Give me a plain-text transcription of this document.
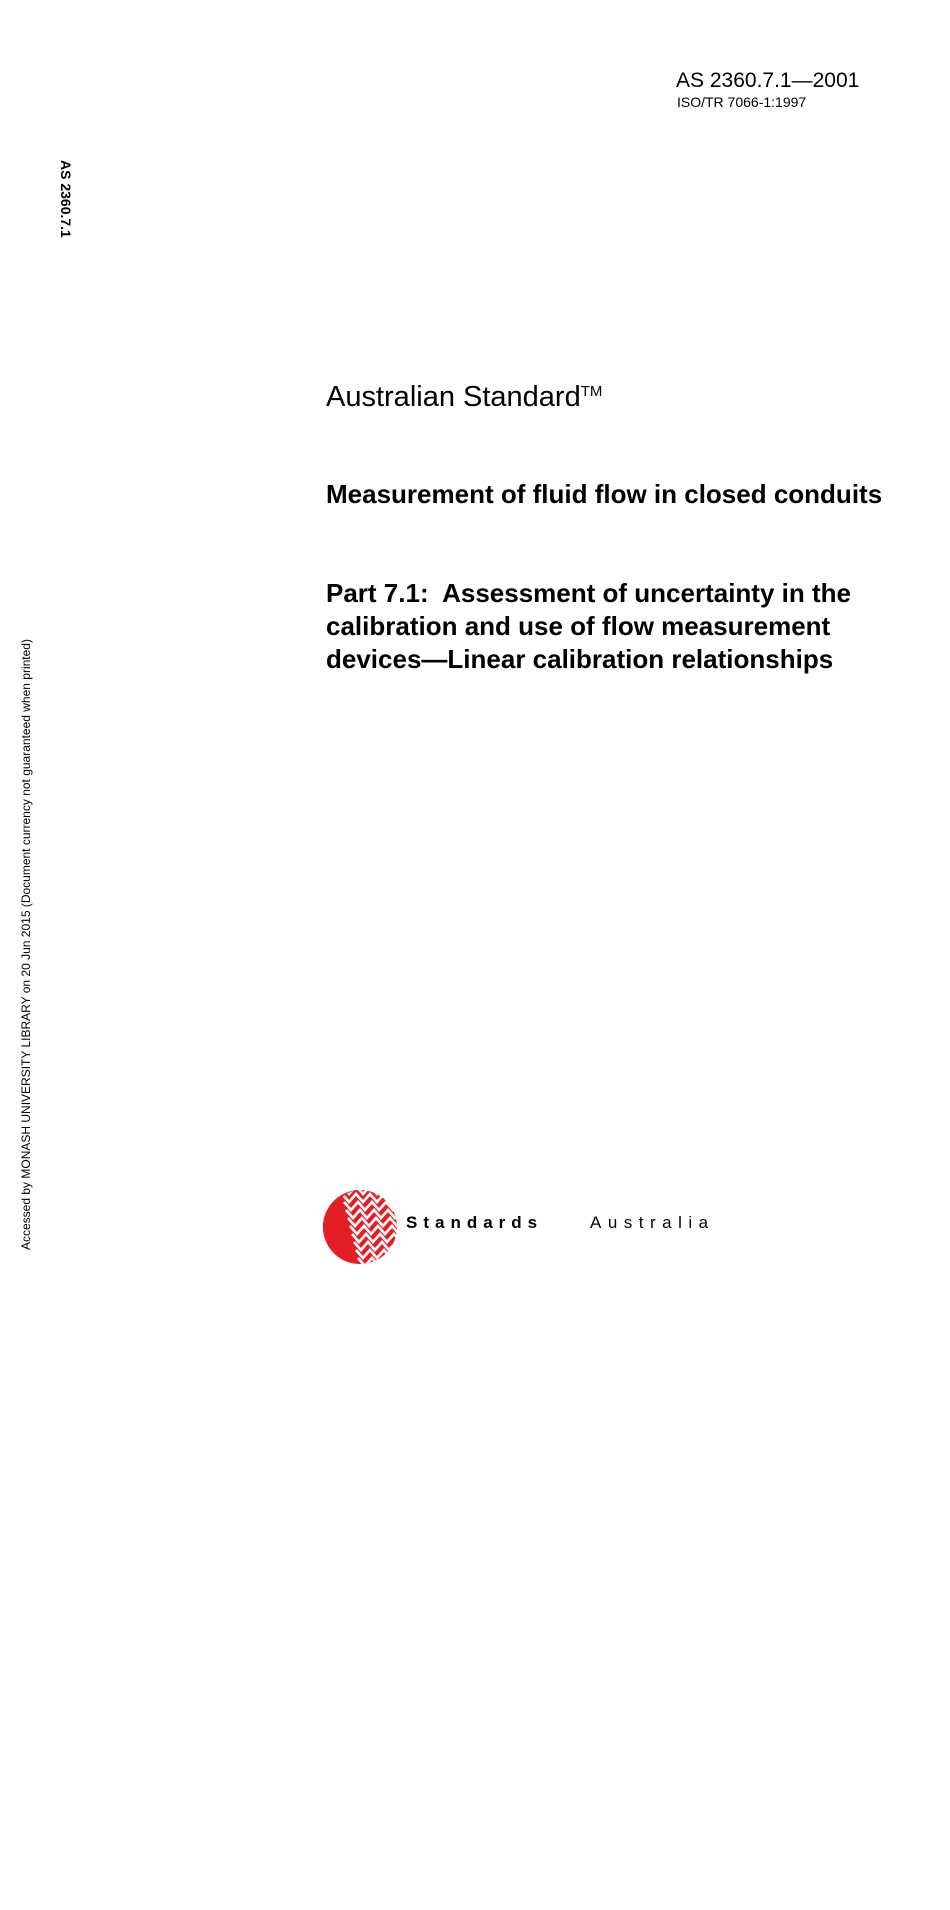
AS 2360.7.1—2001
ISO/TR 7066-1:1997
AS 2360.7.1
Accessed by MONASH UNIVERSITY LIBRARY on 20 Jun 2015 (Document currency not guaranteed when printed)
Australian Standard™
Measurement of fluid flow in closed conduits
Part 7.1:  Assessment of uncertainty in the calibration and use of flow measurement devices—Linear calibration relationships
Standards	Australia
